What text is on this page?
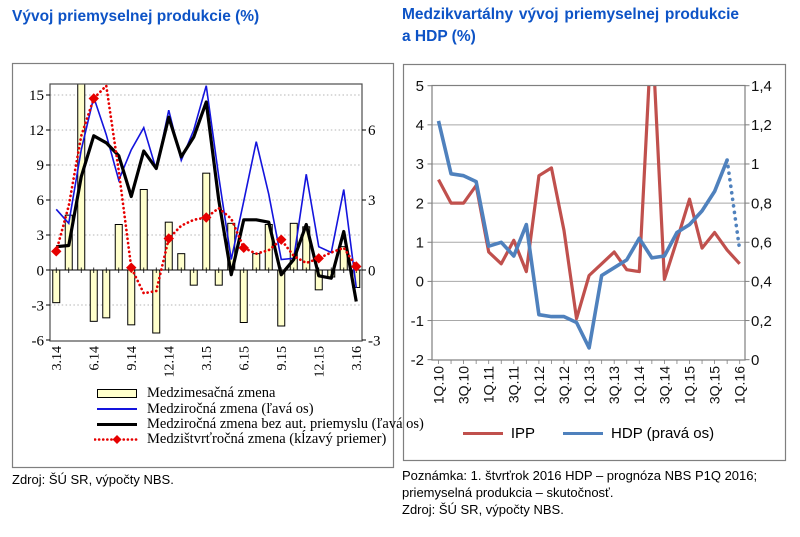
15
12
9
6
3
0
-3
-6
6
3
0
-3
3.14 6.14 9.14 12.14 3.15 6.15 9.15 12.15 3.16
5
4
3
2
1
0
-1
-2
1,4
1,2
1
0,8
0,6
0,4
0,2
0
1Q.10 3Q.10 1Q.11 3Q.11 1Q.12 3Q.12 1Q.13 3Q.13 1Q.14 3Q.14 1Q.15 3Q.15 1Q.16
Vývoj priemyselnej produkcie (%)	Medzikvartálny vývoj priemyselnej produkcie a HDP (%)
Medzimesačná zmena
Medziročná zmena (ľavá os)
Medziročná zmena bez aut. priemyslu (ľavá os)
Medzištvrťročná zmena (kĺzavý priemer)	IPP	HDP (pravá os)
Zdroj: ŠÚ SR, výpočty NBS.	Poznámka: 1. štvrťrok 2016 HDP – prognóza NBS P1Q 2016; priemyselná produkcia – skutočnosť.
Zdroj: ŠÚ SR, výpočty NBS.
